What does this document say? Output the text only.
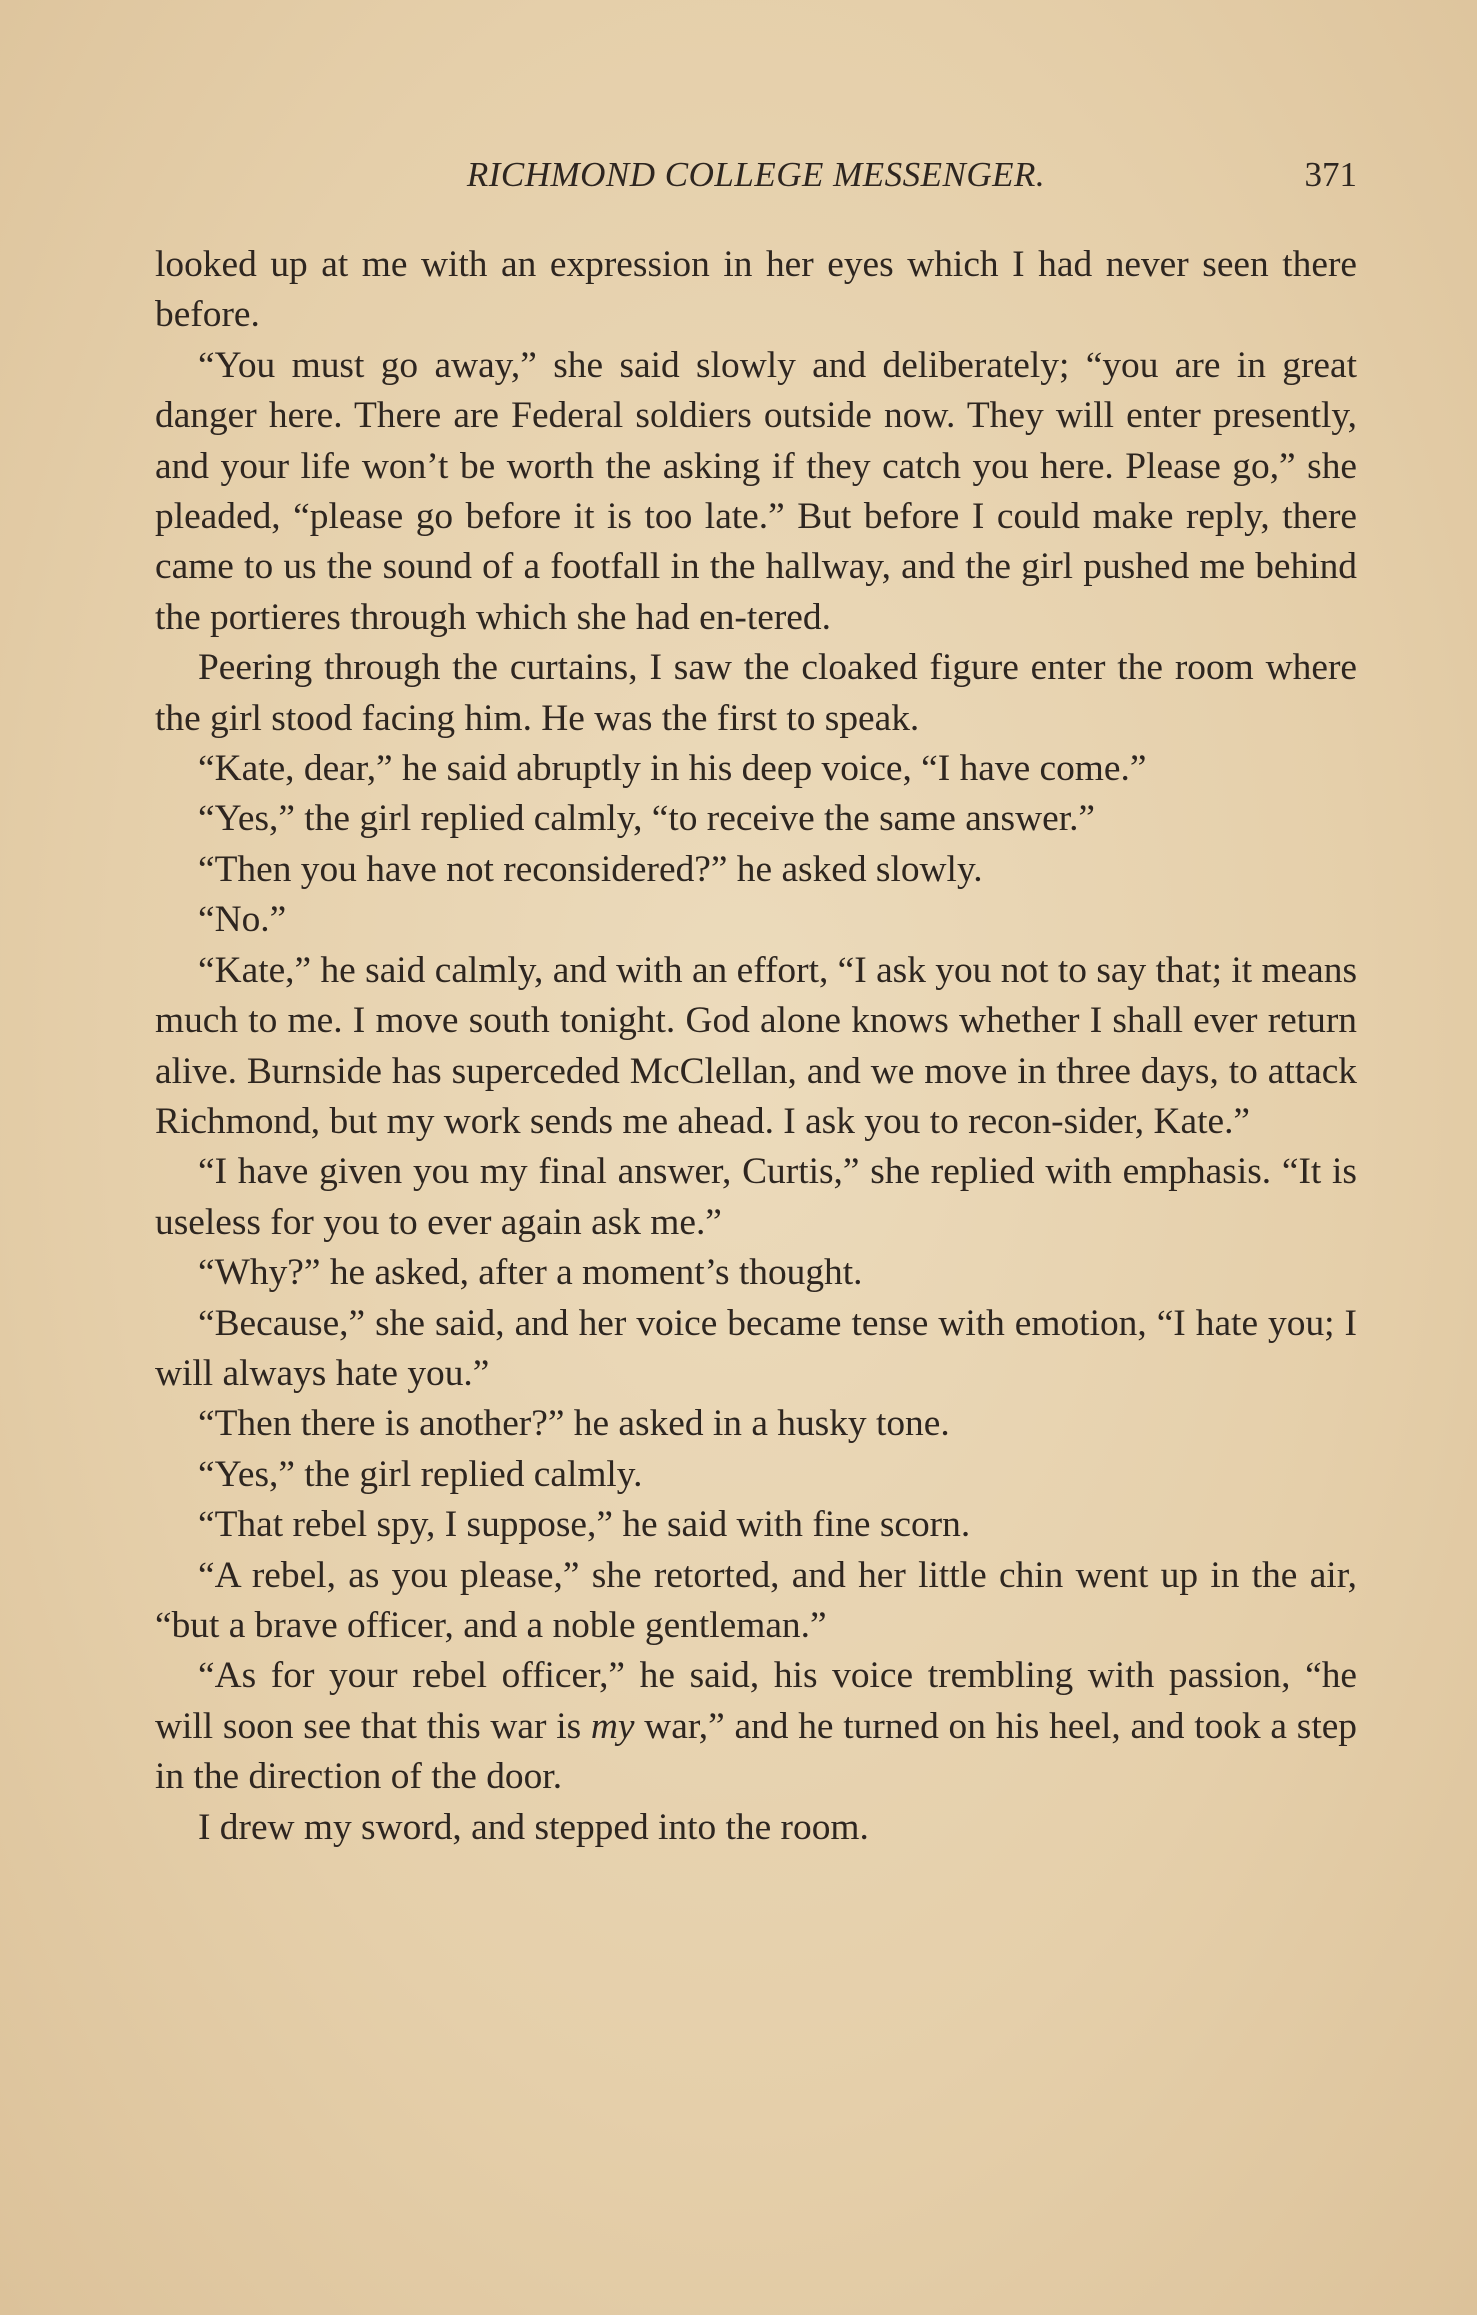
RICHMOND COLLEGE MESSENGER.	371

looked up at me with an expression in her eyes which I had never seen there before.

“You must go away,” she said slowly and deliberately; “you are in great danger here. There are Federal soldiers outside now. They will enter presently, and your life won’t be worth the asking if they catch you here. Please go,” she pleaded, “please go before it is too late.” But before I could make reply, there came to us the sound of a footfall in the hallway, and the girl pushed me behind the portieres through which she had en-tered.

Peering through the curtains, I saw the cloaked figure enter the room where the girl stood facing him. He was the first to speak.

“Kate, dear,” he said abruptly in his deep voice, “I have come.”

“Yes,” the girl replied calmly, “to receive the same answer.”

“Then you have not reconsidered?” he asked slowly.

“No.”

“Kate,” he said calmly, and with an effort, “I ask you not to say that; it means much to me. I move south tonight. God alone knows whether I shall ever return alive. Burnside has superceded McClellan, and we move in three days, to attack Richmond, but my work sends me ahead. I ask you to recon-sider, Kate.”

“I have given you my final answer, Curtis,” she replied with emphasis. “It is useless for you to ever again ask me.”

“Why?” he asked, after a moment’s thought.

“Because,” she said, and her voice became tense with emotion, “I hate you; I will always hate you.”

“Then there is another?” he asked in a husky tone.

“Yes,” the girl replied calmly.

“That rebel spy, I suppose,” he said with fine scorn.

“A rebel, as you please,” she retorted, and her little chin went up in the air, “but a brave officer, and a noble gentleman.”

“As for your rebel officer,” he said, his voice trembling with passion, “he will soon see that this war is my war,” and he turned on his heel, and took a step in the direction of the door.

I drew my sword, and stepped into the room.
